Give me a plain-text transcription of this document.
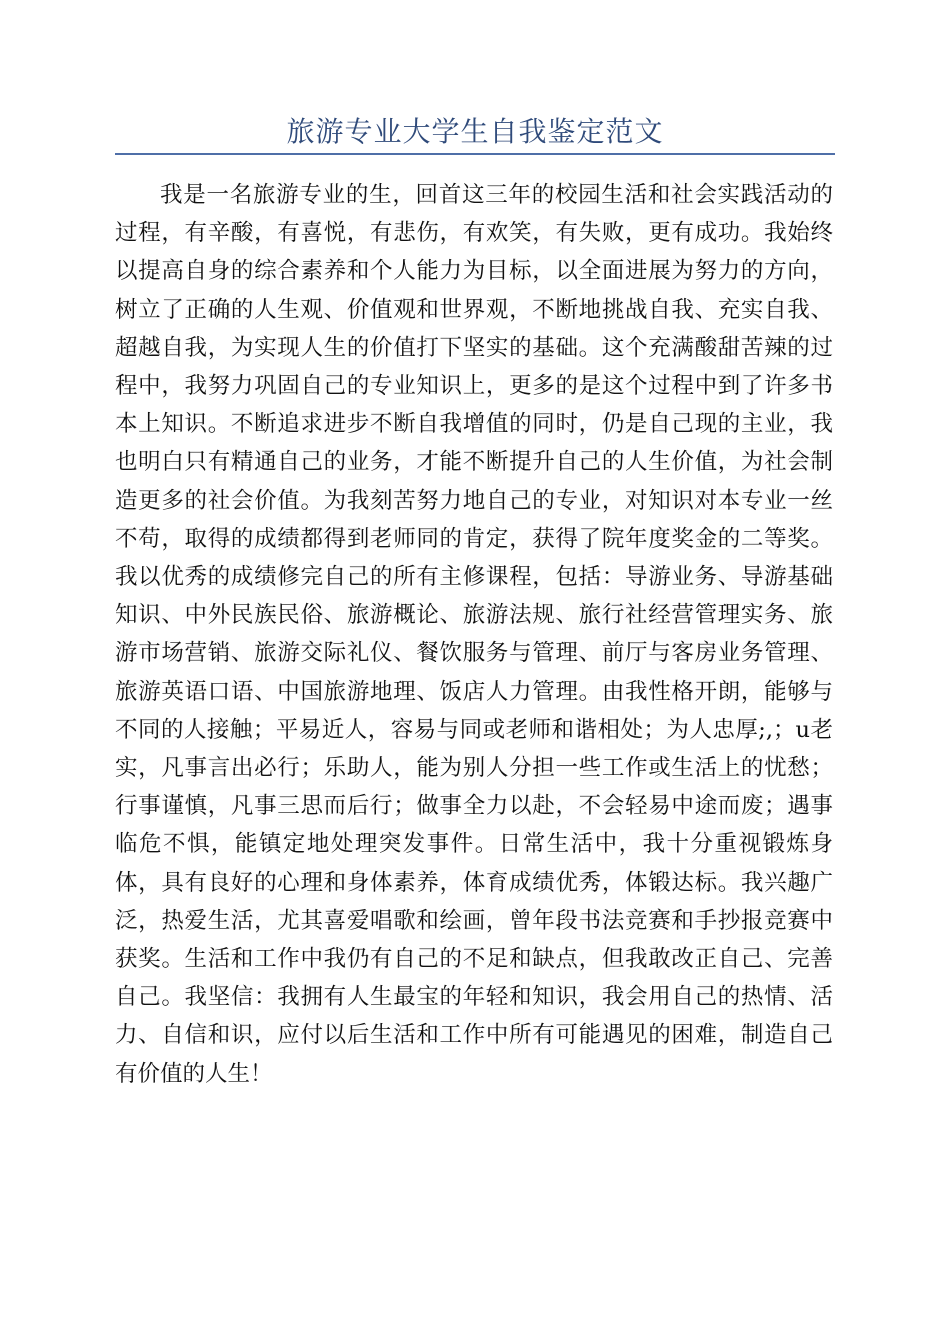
旅游专业大学生自我鉴定范文

我是一名旅游专业的生，回首这三年的校园生活和社会实践活动的过程，有辛酸，有喜悦，有悲伤，有欢笑，有失败，更有成功。我始终以提高自身的综合素养和个人能力为目标，以全面进展为努力的方向，树立了正确的人生观、价值观和世界观，不断地挑战自我、充实自我、超越自我，为实现人生的价值打下坚实的基础。这个充满酸甜苦辣的过程中，我努力巩固自己的专业知识上，更多的是这个过程中到了许多书本上知识。不断追求进步不断自我增值的同时，仍是自己现的主业，我也明白只有精通自己的业务，才能不断提升自己的人生价值，为社会制造更多的社会价值。为我刻苦努力地自己的专业，对知识对本专业一丝不苟，取得的成绩都得到老师同的肯定，获得了院年度奖金的二等奖。我以优秀的成绩修完自己的所有主修课程，包括：导游业务、导游基础知识、中外民族民俗、旅游概论、旅游法规、旅行社经营管理实务、旅游市场营销、旅游交际礼仪、餐饮服务与管理、前厅与客房业务管理、旅游英语口语、中国旅游地理、饭店人力管理。由我性格开朗，能够与不同的人接触；平易近人，容易与同或老师和谐相处；为人忠厚;,；u老实，凡事言出必行；乐助人，能为别人分担一些工作或生活上的忧愁；行事谨慎，凡事三思而后行；做事全力以赴，不会轻易中途而废；遇事临危不惧，能镇定地处理突发事件。日常生活中，我十分重视锻炼身体，具有良好的心理和身体素养，体育成绩优秀，体锻达标。我兴趣广泛，热爱生活，尤其喜爱唱歌和绘画，曾年段书法竞赛和手抄报竞赛中获奖。生活和工作中我仍有自己的不足和缺点，但我敢改正自己、完善自己。我坚信：我拥有人生最宝的年轻和知识，我会用自己的热情、活力、自信和识，应付以后生活和工作中所有可能遇见的困难，制造自己有价值的人生！
